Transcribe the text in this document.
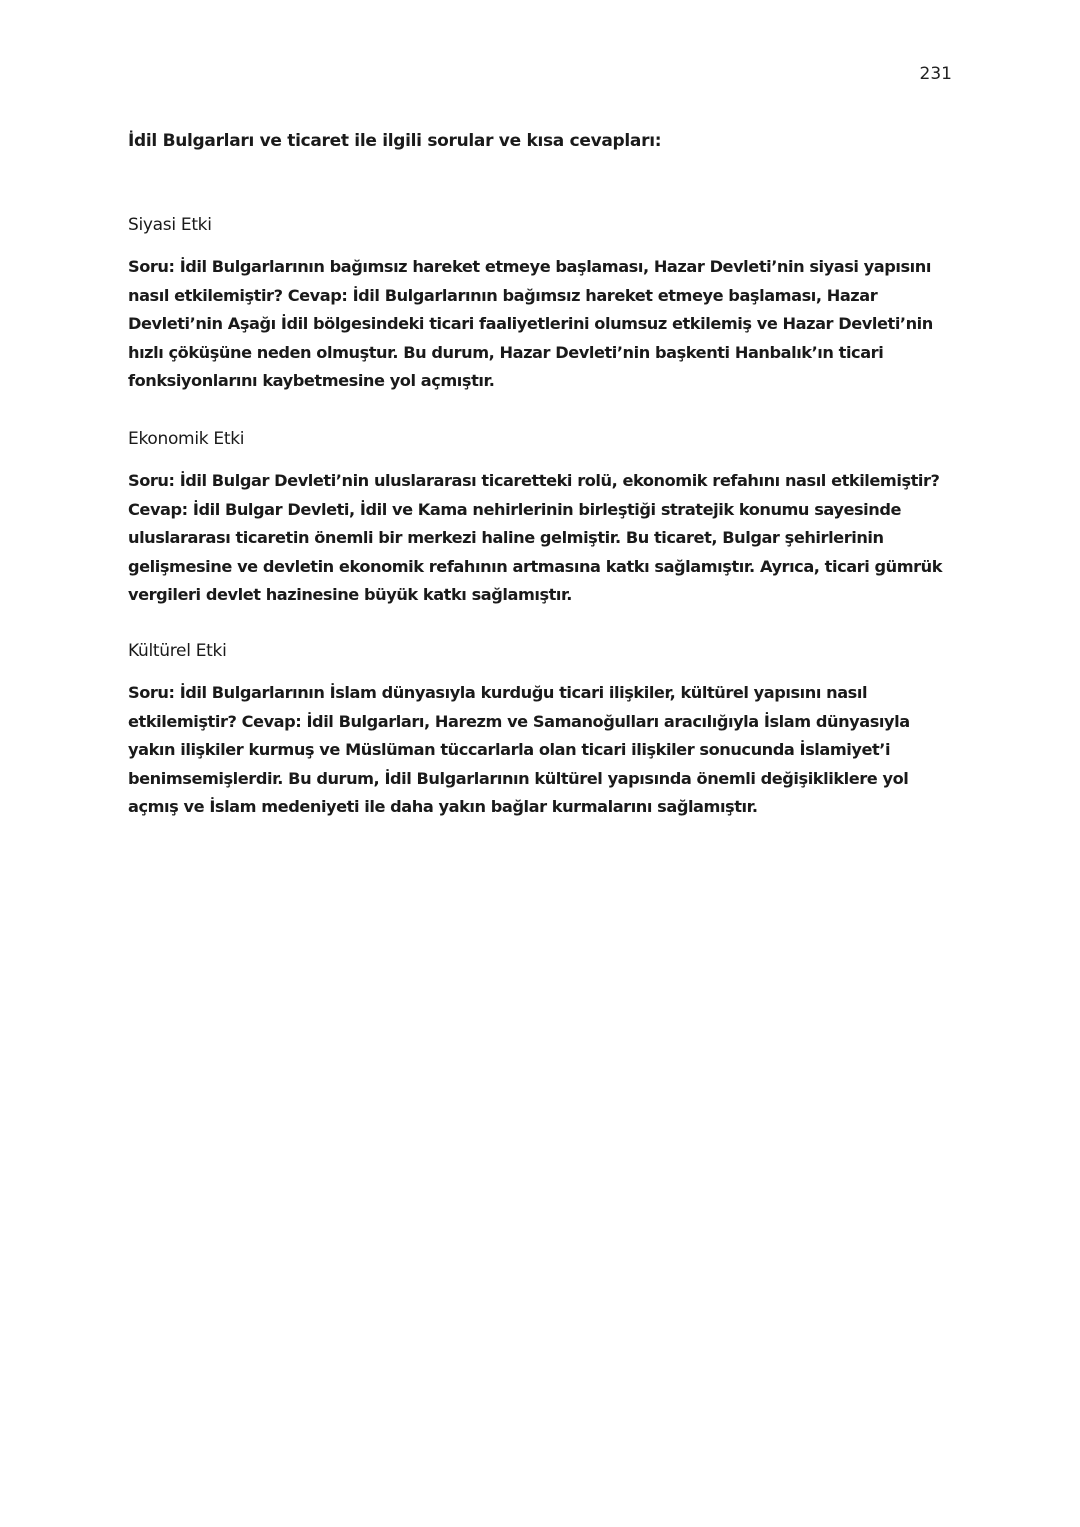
231
İdil Bulgarları ve ticaret ile ilgili sorular ve kısa cevapları:
Siyasi Etki

Soru: İdil Bulgarlarının bağımsız hareket etmeye başlaması, Hazar Devleti’nin siyasi yapısını nasıl etkilemiştir? Cevap: İdil Bulgarlarının bağımsız hareket etmeye başlaması, Hazar Devleti’nin Aşağı İdil bölgesindeki ticari faaliyetlerini olumsuz etkilemiş ve Hazar Devleti’nin hızlı çöküşüne neden olmuştur. Bu durum, Hazar Devleti’nin başkenti Hanbalık’ın ticari fonksiyonlarını kaybetmesine yol açmıştır.

Ekonomik Etki

Soru: İdil Bulgar Devleti’nin uluslararası ticaretteki rolü, ekonomik refahını nasıl etkilemiştir? Cevap: İdil Bulgar Devleti, İdil ve Kama nehirlerinin birleştiği stratejik konumu sayesinde uluslararası ticaretin önemli bir merkezi haline gelmiştir. Bu ticaret, Bulgar şehirlerinin gelişmesine ve devletin ekonomik refahının artmasına katkı sağlamıştır. Ayrıca, ticari gümrük vergileri devlet hazinesine büyük katkı sağlamıştır.

Kültürel Etki

Soru: İdil Bulgarlarının İslam dünyasıyla kurduğu ticari ilişkiler, kültürel yapısını nasıl etkilemiştir? Cevap: İdil Bulgarları, Harezm ve Samanoğulları aracılığıyla İslam dünyasıyla yakın ilişkiler kurmuş ve Müslüman tüccarlarla olan ticari ilişkiler sonucunda İslamiyet’i benimsemişlerdir. Bu durum, İdil Bulgarlarının kültürel yapısında önemli değişikliklere yol açmış ve İslam medeniyeti ile daha yakın bağlar kurmalarını sağlamıştır.
